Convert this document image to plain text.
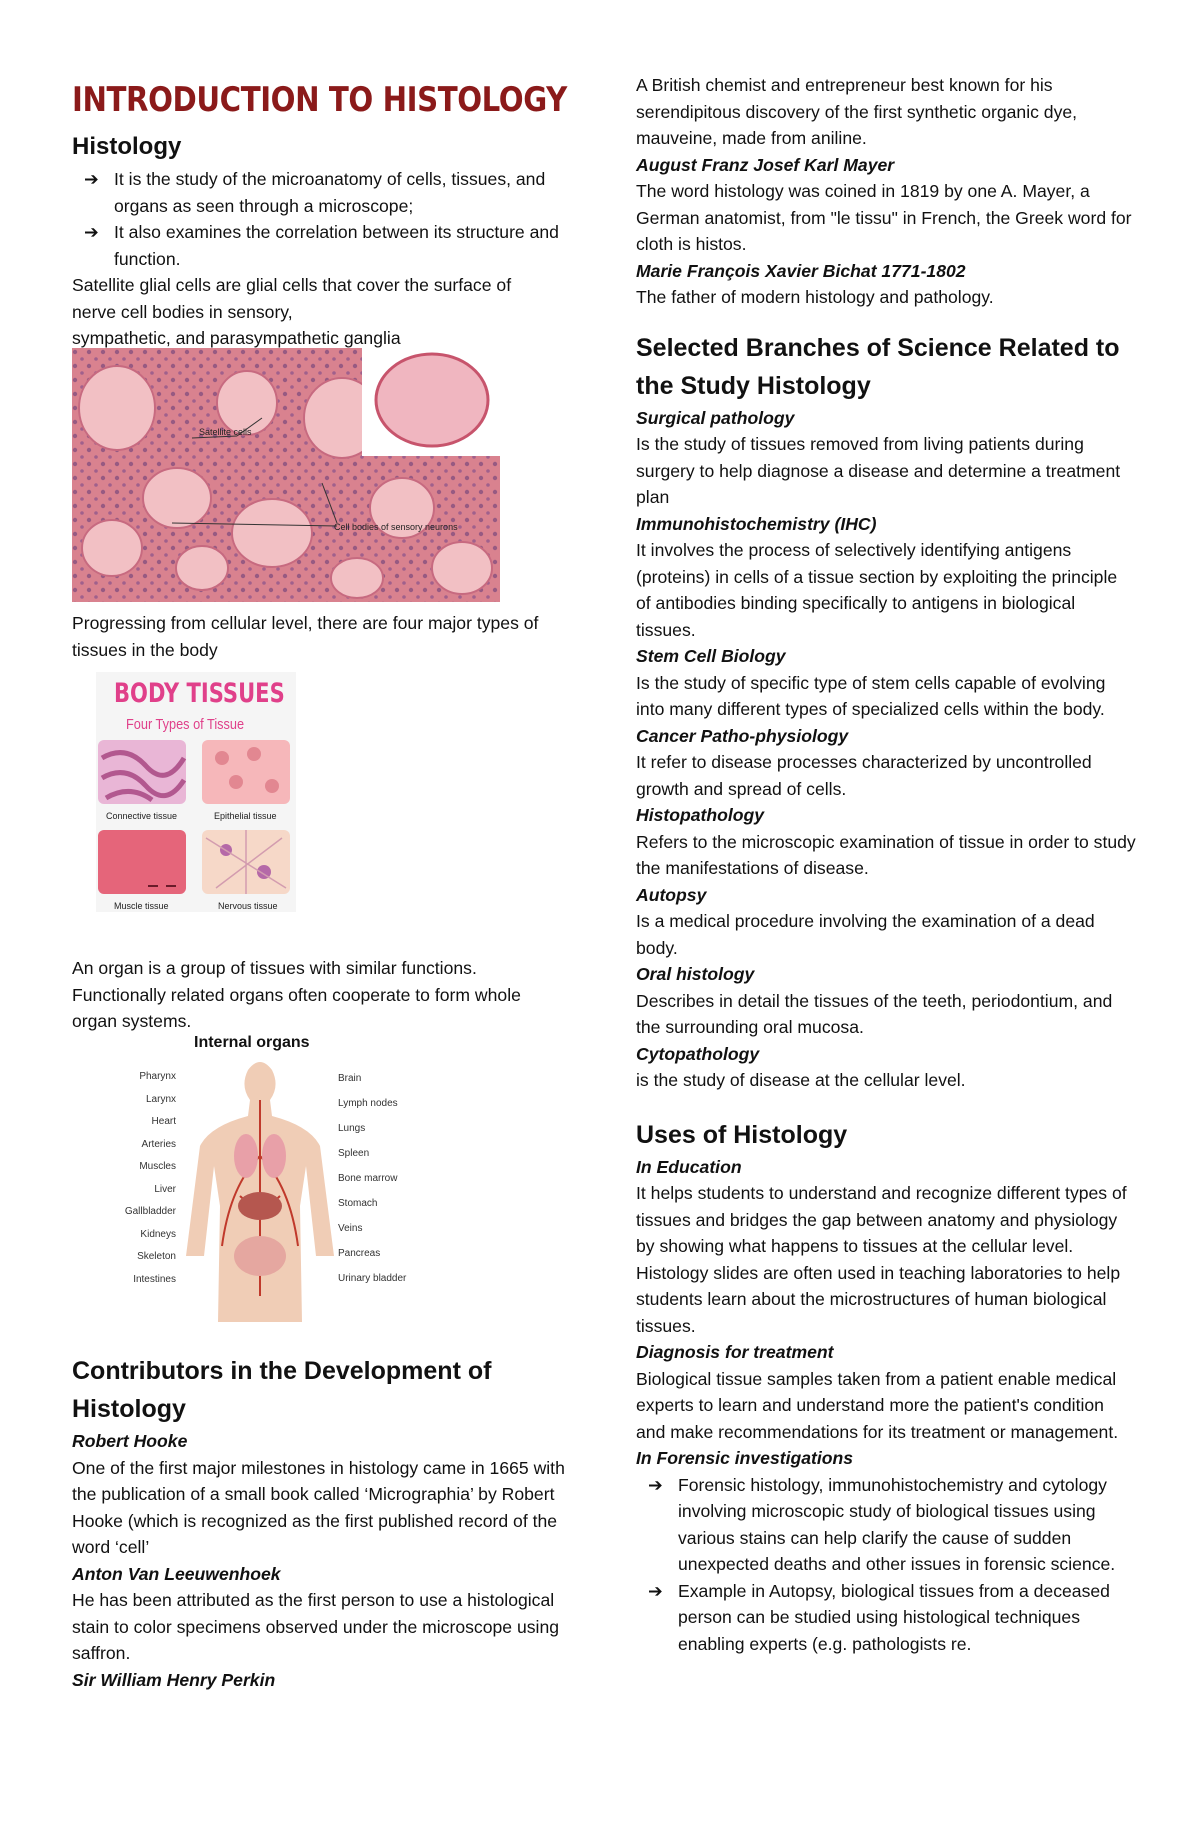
INTRODUCTION TO HISTOLOGY
Histology
➔ It is the study of the microanatomy of cells, tissues, and organs as seen through a microscope;
➔ It also examines the correlation between its structure and function.
Satellite glial cells are glial cells that cover the surface of
nerve cell bodies in sensory,
sympathetic, and parasympathetic ganglia
Satellite cells
Cell bodies of sensory neurons
Progressing from cellular level, there are four major types of tissues in the body
BODY TISSUES
Four Types of Tissue
Connective tissue	Epithelial tissue
Muscle tissue	Nervous tissue
An organ is a group of tissues with similar functions. Functionally related organs often cooperate to form whole organ systems.
Internal organs
Pharynx
Larynx
Heart
Arteries
Muscles
Liver
Gallbladder
Kidneys
Skeleton
Intestines
Brain
Lymph nodes
Lungs
Spleen
Bone marrow
Stomach
Veins
Pancreas
Urinary bladder
Contributors in the Development of Histology
Robert Hooke
One of the first major milestones in histology came in 1665 with the publication of a small book called ‘Micrographia’ by Robert Hooke (which is recognized as the first published record of the word ‘cell’
Anton Van Leeuwenhoek
He has been attributed as the first person to use a histological stain to color specimens observed under the microscope using saffron.
Sir William Henry Perkin
A British chemist and entrepreneur best known for his serendipitous discovery of the first synthetic organic dye, mauveine, made from aniline.
August Franz Josef Karl Mayer
The word histology was coined in 1819 by one A. Mayer, a German anatomist, from "le tissu" in French, the Greek word for cloth is histos.
Marie François Xavier Bichat 1771-1802
The father of modern histology and pathology.
Selected Branches of Science Related to the Study Histology
Surgical pathology
Is the study of tissues removed from living patients during surgery to help diagnose a disease and determine a treatment plan
Immunohistochemistry (IHC)
It involves the process of selectively identifying antigens (proteins) in cells of a tissue section by exploiting the principle of antibodies binding specifically to antigens in biological tissues.
Stem Cell Biology
Is the study of specific type of stem cells capable of evolving into many different types of specialized cells within the body.
Cancer Patho-physiology
It refer to disease processes characterized by uncontrolled growth and spread of cells.
Histopathology
Refers to the microscopic examination of tissue in order to study the manifestations of disease.
Autopsy
Is a medical procedure involving the examination of a dead body.
Oral histology
Describes in detail the tissues of the teeth, periodontium, and the surrounding oral mucosa.
Cytopathology
is the study of disease at the cellular level.
Uses of Histology
In Education
It helps students to understand and recognize different types of tissues and bridges the gap between anatomy and physiology by showing what happens to tissues at the cellular level. Histology slides are often used in teaching laboratories to help students learn about the microstructures of human biological tissues.
Diagnosis for treatment
Biological tissue samples taken from a patient enable medical experts to learn and understand more the patient's condition and make recommendations for its treatment or management.
In Forensic investigations
➔ Forensic histology, immunohistochemistry and cytology involving microscopic study of biological tissues using various stains can help clarify the cause of sudden unexpected deaths and other issues in forensic science.
➔ Example in Autopsy, biological tissues from a deceased person can be studied using histological techniques enabling experts (e.g. pathologists re.
